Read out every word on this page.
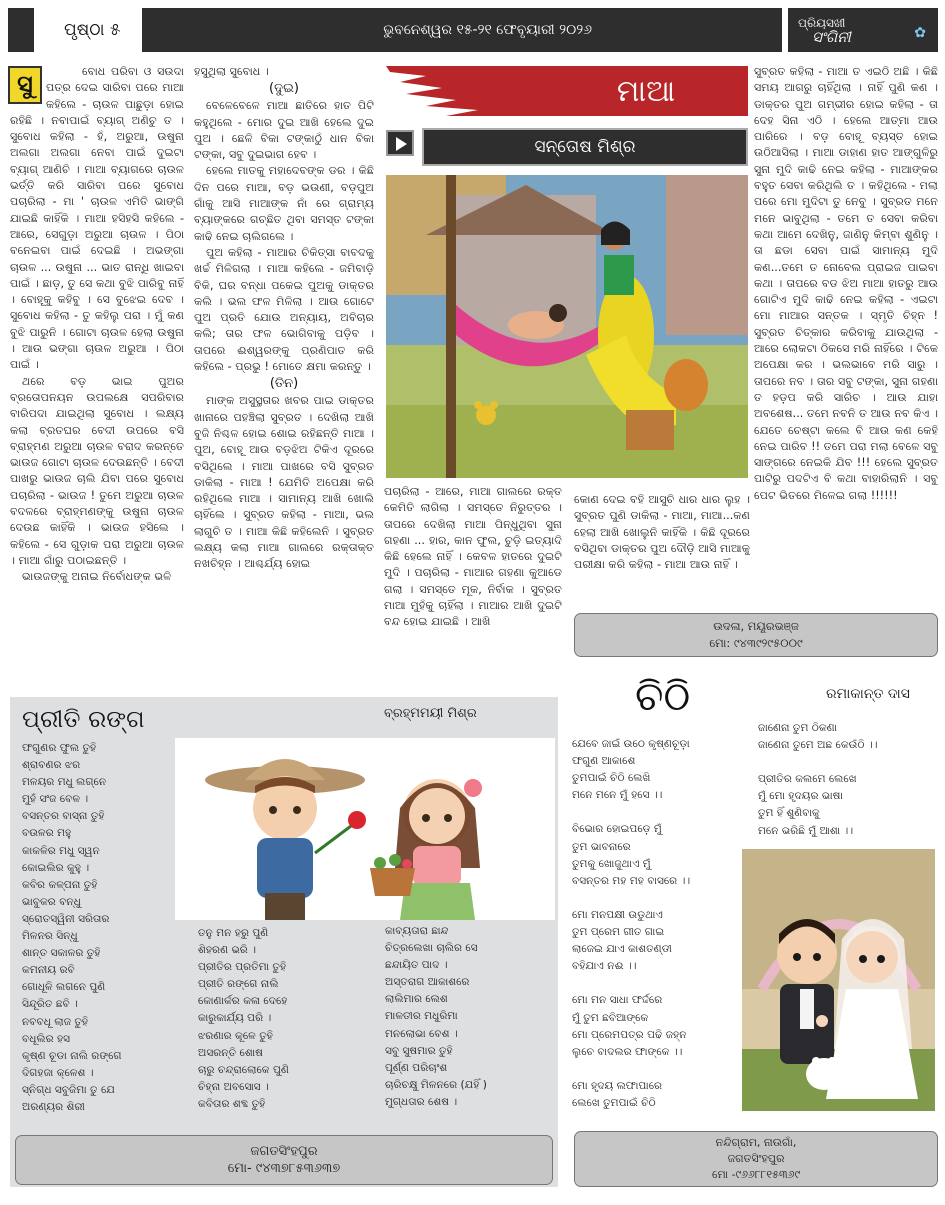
ପୃଷ୍ଠା ୫	ଭୁବନେଶ୍ୱର ୧୫-୨୧ ଫେବୃୟାରୀ ୨୦୨୬	ପ୍ରିୟସଖୀ
ସଂଗିନୀ	✿
ସୁ	ବୋଧ ପରିବା ଓ ସଉଦା ପତ୍ର ଦେଇ ସାରିବା ପରେ ମାଆ କହିଲେ - ଚାଉଳ ପାଛୁଡ଼ା ହୋଇ ରହିଛି । ନବାପାଇଁ ବ୍ୟାଗ୍ ଅଣିଚୁ ତ । ସୁବୋଧ କହିଲା - ହଁ, ଅରୁଆ, ଉଷୁନା ଅଲଗା ଅଲଗା ନେବା ପାଇଁ ଦୁଇଟା ବ୍ୟାଗ୍ ଆଣିଚି । ମାଆ ବ୍ୟାଗରେ ଚାଉଳ ଭର୍ତ୍ତି କରି ସାରିବା ପରେ ସୁବୋଧ ପଚାରିଲା - ମା ' ଚାଉଳ ଏମିତି ଭାଙ୍ଗି ଯାଇଛି କାହିଁକି । ମାଆ ହସିହସି କହିଲେ - ଆରେ, ସେଗୁଡ଼ା ଅରୁଆ ଚାଉଳ । ପିଠା ବନେଇବା ପାଇଁ ଦେଇଛି । ଅଭଙ୍ଗା ଚାଉଳ ... ଉଷୁନା ... ଭାତ ରାନ୍ଧି ଖାଇବା ପାଇଁ । ଛାଡ଼, ତୁ ସେ କଥା ବୁଝି ପାରିବୁ ନାହିଁ । ବୋହୂକୁ କହିବୁ । ସେ ବୁଝେଇ ଦେବ । ସୁବୋଧ କହିଲା - ତୁ କହିଲୁ ପରା । ମୁଁ କଣ ବୁଝି ପାରୁନି । ଗୋଟା ଚାଉଳ ହେଲା ଉଷୁନା । ଆଉ ଭଙ୍ଗା ଚାଉଳ ଅରୁଆ । ପିଠା ପାଇଁ ।

ଥରେ ବଡ଼ ଭାଇ ପୁଅର ବ୍ରତୋପନୟନ ଉପଲକ୍ଷେ ସପରିବାର ବାରିପଦା ଯାଇଥିଲା ସୁବୋଧ । ଲକ୍ଷ୍ୟ କଲା ବ୍ରତଘର ବେଦୀ ଉପରେ ବସି ବ୍ରାହ୍ମଣ ଅରୁଆ ଚାଉଳ ବରାଦ କରନ୍ତେ ଭାଉଜ ଗୋଟା ଚାଉଳ ଦେଉଛନ୍ତି । ବେଦୀ ପାଖରୁ ଭାଉଜ ଚାଲି ଯିବା ପରେ ସୁବୋଧ ପଚାରିଲା - ଭାଉଜ ! ତୁମେ ଅରୁଆ ଚାଉଳ ବଦଳରେ ବ୍ରାହ୍ମଣଙ୍କୁ ଉଷୁନା ଚାଉଳ ଦେଉଛ କାହିଁକି । ଭାଉଜ ହସିଲେ । କହିଲେ - ସେ ଗୁଡ଼ାକ ପରା ଅରୁଆ ଚାଉଳ । ମାଆ ଗାଁରୁ ପଠାଇଛନ୍ତି ।

ଭାଉଜଙ୍କୁ ଅନାଇ ନିର୍ବୋଧଙ୍କ ଭଳି

ହସୁଥିଲା ସୁବୋଧ ।

(ଦୁଇ)

ବେଳେବେଳେ ମାଆ ଛାତିରେ ହାତ ପିଟି କହୁଥିଲେ - ମୋର ଦୁଇ ଆଖି ହେଲେ ଦୁଇ ପୁଅ । ଛେଳି ବିକା ଟଙ୍କାଠୁଁ ଧାନ ବିକା ଟଙ୍କା, ସବୁ ଦୁଇଭାଗ ହେବ ।

ହେଲେ ମାତକୁ ମହାଦେବଙ୍କ ଡର । କିଛି ଦିନ ପରେ ମାଆ, ବଡ଼ ଭଉଣୀ, ବଡ଼ପୁଅ ଗାଁକୁ ଆସି ମାଆଙ୍କ ନାଁ ରେ ଗ୍ରାମ୍ୟ ବ୍ୟାଙ୍କରେ ଗଚ୍ଛିତ ଥିବା ସମସ୍ତ ଟଙ୍କା କାଢି ନେଇ ଚାଲିଗଲେ ।

ପୁଅ କହିଲା - ମାଆର ଚିକିତ୍ସା ବାବଦକୁ ଖର୍ଚ୍ଚ ମିଳିଗଲା । ମାଆ କହିଲେ - ଜମିବାଡ଼ି ବିକି, ଘର ବନ୍ଧା ପକେଇ ପୁଅକୁ ଡାକ୍ତର କଲି । ଭଲ ଫଳ ମିଳିଲା । ଆଉ ଗୋଟେ ପୁଅ ପ୍ରତି ଯୋଉ ଅନ୍ୟାୟ, ଅବିଚାର କଲି; ତାର ଫଳ ଭୋଗିବାକୁ ପଡ଼ିବ । ତାପରେ ଈଶ୍ୱରଙ୍କୁ ପ୍ରଣିପାତ କରି କହିଲେ - ପ୍ରଭୁ ! ମୋତେ କ୍ଷମା କରନ୍ତୁ ।

(ତିନ)

ମାଙ୍କ ଅସୁସ୍ଥତାର ଖବର ପାଇ ଡାକ୍ତର ଖାନାରେ ପହଞ୍ଚିଲା ସୁବ୍ରତ । ଦେଖିଲା ଆଖି ବୁଜି ନିଶ୍ଚଳ ହୋଇ ଶୋଇ ରହିଛନ୍ତି ମାଆ । ପୁଅ, ବୋହୂ ଆଉ ବଡ଼ଝିଅ ଟିକିଏ ଦୂରରେ ବସିଥିଲେ । ମାଆ ପାଖରେ ବସି ସୁବ୍ରତ ଡାକିଲା - ମାଆ ! ଯେମିତି ଅପେକ୍ଷା କରି ରହିଥିଲେ ମାଆ । ସାମାନ୍ୟ ଆଖି ଖୋଲି ଚାହିଁଲେ । ସୁବ୍ରତ କହିଲା - ମାଆ, ଭଲ ଲାଗୁଚି ତ । ମାଆ କିଛି କହିଲେନି । ସୁବ୍ରତ ଲକ୍ଷ୍ୟ କଲା ମାଆ ଗାଲରେ ରକ୍ତାକ୍ତ ନଖଚିହ୍ନ । ଆଶ୍ଚର୍ଯ୍ୟ ହୋଇ

ମାଆ
ସନ୍ତୋଷ ମିଶ୍ର

ପଚାରିଲା - ଆରେ, ମାଆ ଗାଲରେ ରକ୍ତ କେମିତି ଲାଗିଲା । ସମସ୍ତେ ନିରୁତ୍ତର । ତାପରେ ଦେଖିଲା ମାଆ ପିନ୍ଧୁଥିବା ସୁନା ଗହଣା ... ହାର, କାନ ଫୁଲ, ଚୁଡ଼ି ଇତ୍ୟାଦି କିଛି ହେଲେ ନାହିଁ । କେବଳ ହାତରେ ଦୁଇଟି ମୁଦି । ପଚାରିଲା - ମାଆର ଗହଣା କୁଆଡେ ଗଲା । ସମସ୍ତେ ମୂକ, ନିର୍ବାକ । ସୁବ୍ରତ ମାଆ ମୁହଁକୁ ଚାହିଁଲା । ମାଆର ଆଖି ଦୁଇଟି ବନ୍ଦ ହୋଇ ଯାଇଛି । ଆଖି

କୋଣ ଦେଇ ବହି ଆସୁଚି ଧାର ଧାର ଲୁହ । ସୁବ୍ରତ ପୁଣି ଡାକିଲା - ମାଆ, ମାଆ...କଣ ହେଲା ଆଖି ଖୋଲୁନି କାହିଁକି । କିଛି ଦୂରରେ ବସିଥିବା ଡାକ୍ତର ପୁଅ ଦୌଡ଼ି ଆସି ମାଆକୁ ପରୀକ୍ଷା କରି କହିଲା - ମାଆ ଆଉ ନାହିଁ ।

ସୁବ୍ରତ କହିଲା - ମାଆ ତ ଏଇଠି ଅଛି । କିଛି ସମୟ ଆଗରୁ ଚାହିଁଥିଲା । ନାହିଁ ପୁଣି କଣ । ଡାକ୍ତର ପୁଅ ଗମ୍ଭୀର ହୋଇ କହିଲା - ତା ଦେହ ସିନା ଏଠି । ହେଲେ ଆତ୍ମା ଆଉ ପାରିରେ । ବଡ଼ ବୋହୂ ବ୍ୟସ୍ତ ହୋଇ ଉଠିଆସିଲା । ମାଆ ଡାହାଣ ହାତ ଆଙ୍ଗୁଳିରୁ ସୁନା ମୁଦି କାଢି ନେଇ କହିଲା - ମାଆଙ୍କର ବହୁତ ସେବା କରିଥିଲି ତ । କହିଥିଲେ - ମଲା ପରେ ମୋ ମୁଦିଟା ତୁ ନେବୁ । ସୁବ୍ରତ ମନେ ମନେ ଭାବୁଥିଲା - ତମେ ତ ସେବା କରିବା କଥା ଆମେ ଦେଖିନୁ, ଜାଣିନୁ କିମ୍ବା ଶୁଣିନୁ । ତା ଛଡା ସେବା ପାଇଁ ସାମାନ୍ୟ ମୁଦି କଣ...ତମେ ତ ନୋବେଲ ପ୍ରାଇଜ ପାଇବା କଥା । ତାପରେ ବଡ ଝିଅ ମାଆ ହାତରୁ ଆଉ ଗୋଟିଏ ମୁଦି କାଢି ନେଇ କହିଲା - ଏଇଟା ମୋ ମାଆର ସନ୍ତକ । ସ୍ମୃତି ଚିହ୍ନ ! ସୁବ୍ରତ ଚିତ୍କାର କରିବାକୁ ଯାଉଥିଲା - ଆରେ ଲୋକଟା ଠିକସେ ମରି ନାହିଁରେ । ଟିକେ ଅପେକ୍ଷା କର । ଭଲଭାବେ ମରି ସାରୁ । ତାପରେ ନବ । ତାର ସବୁ ଟଙ୍କା, ସୁନା ଗହଣା ତ ହଡ଼ପ କରି ସାରିଚ । ଆଉ ଯାହା ଅବଶେଷ... ତମେ ନବନି ତ ଆଉ ନବ କିଏ । ଯେତେ ଚେଷ୍ଟା କଲେ ବି ଆଉ କଣ କେହି ନେଇ ପାରିବ !! ତମେ ପରା ମଲା ବେଳେ ସବୁ ସାଙ୍ଗରେ ନେଇକି ଯିବ !!! ହେଲେ ସୁବ୍ରତ ପାଟିରୁ ପଦଟିଏ ବି କଥା ବାହାରିଲାନି । ସବୁ ପେଟ ଭିତରେ ମିଳେଇ ଗଲା !!!!!!

ଉଦଳା, ମୟୂରଭଞ୍ଜ
ମୋ: ୯୪୩୯୨୯୫୦୦୯
ପ୍ରୀତି ରଙ୍ଗ	ବ୍ରହ୍ମମୟୀ ମିଶ୍ର
ଫଗୁଣର ଫୁଲ ତୁହି
ଶ୍ରାବଣର ଝର
ମଳୟର ମଧୁ ଲଗ୍ନେ
ମୁହଁ ସଂଜ ବେଳ ।
ବସନ୍ତର ବାସ୍ନା ତୁହି
ବଉଳର ମହୁ
କାକଳିର ମଧୁ ସ୍ୱନ
କୋଇଲିର କୁହୁ ।
କବିର କଳ୍ପନା ତୁହି
ଭାବୁକର ବନ୍ଧୁ
ସ୍ରୋତସ୍ୱିନୀ ସରିତାର
ମିଳନର ସିନ୍ଧୁ
ଶାନ୍ତ ସକାଳର ତୁହି
କମନୀୟ ରବି
ଗୋଧୂଳି ଲଗନେ ପୁଣି
ସିନ୍ଦୂରିତ ଛବି ।
ନବବଧୂ ଲାଜ ତୁହି
ବଧୂଲିର ହସ
କୃଷ୍ଣ ଚୂଡା ନାଲି ରଙ୍ଗେ
ଦିଗହଜା କ୍ଳେଶ ।
ସ୍ନିଗ୍ଧ ସବୁଜିମା ତୁ ଯେ
ଅରଣ୍ୟର ଶିରୀ
ତନୁ ମନ ହରୁ ପୁଣି
ଶିହରଣ ଭରି ।
ପ୍ରୀତିର ପ୍ରତିମା ତୁହି
ପ୍ରୀତି ରଙ୍ଗେ ନାଲି
କୋଣାର୍କର କଳା ଦେହେ
କାରୁକାର୍ଯ୍ୟ ପରି ।
ଝରଣାର କୂଳେ ତୁହି
ଅସରନ୍ତି ଶୋଷ
ଚାରୁ ଚନ୍ଦ୍ରାଲୋକେ ପୁଣି
ଚିହ୍ନା ଅବସୋସ ।
କବିତାର ଶବ୍ଦ ତୁହି
କାବ୍ୟତାରା ଛାନ୍ଦ
ଚିତ୍ରଲେଖା ଚାଲିର ସେ
ଛନ୍ଦାୟିତ ପାଦ ।
ଅସ୍ତରାଗ ଆକାଶରେ
ଲାଲିମାର ଲେଶ
ମାଳତୀର ମଧୁରିମା
ମନଲୋଭା ବେଶ ।
ସବୁ ସୁଷମାର ତୁହି
ପୂର୍ଣ୍ଣ ପରିଚାଂଶ
ଚାରିଚକ୍ଷୁ ମିଳନରେ (ଯହିଁ )
ମୁଗ୍ଧତାର ଶେଷ ।
ଜଗତସିଂହପୁର
ମୋ- ୯୪୩୭୮୫୩୬୩୭
ଚିଠି	ରମାକାନ୍ତ ଦାସ
ଯେବେ ଜାଇଁ ଉଠେ କୃଷ୍ଣଚୂଡ଼ା
ଫଗୁଣ ଆକାଶେ
ତୁମପାଇଁ ଚିଠି ଲେଖି
ମନେ ମନେ ମୁଁ ହସେ ।।
ବିଭୋର ହୋଇପଡ଼େ ମୁଁ
ତୁମ ଭାବନାରେ
ତୁମକୁ ଖୋଜୁଥାଏ ମୁଁ
ବସନ୍ତର ମହ ମହ ବାସରେ ।।
ମୋ ମନପକ୍ଷୀ ଉଡୁଥାଏ
ତୁମ ପ୍ରେମ ଗୀତ ଗାଇ
ଲାଜେଇ ଯାଏ କାଶତଣ୍ଡୀ
ବହିଯାଏ ନଈ ।।
ମୋ ମନ ସାଧା ଫର୍ଦ୍ଦରେ
ମୁଁ ତୁମ ଛବିଆଙ୍କେ
ମୋ ପ୍ରେମପତ୍ର ପଢି ଜହ୍ନ
ଲୁଚେ ବାଦଲର ଫାଙ୍କେ ।।
ମୋ ହୃଦୟ ଲଫାପାରେ
ଲେଖେ ତୁମପାଇଁ ଚିଠି
ଜାଣେନା ତୁମ ଠିକଣା
ଜାଣେନା ତୁମେ ଅଛ କେଉଁଠି ।।
ପ୍ରୀତିର କଲମେ ଲେଖେ
ମୁଁ ମୋ ହୃଦୟର ଭାଷା
ତୁମ ହିଁ ଶୁଣିବାକୁ
ମନେ ଭରିଛି ମୁଁ ଆଶା ।।
ନନ୍ଦିଗ୍ରାମ, ନାଉଗାଁ,
ଜଗତସିଂହପୁର
ମୋ -୯୬୬୮୮୧୫୩୬୯
